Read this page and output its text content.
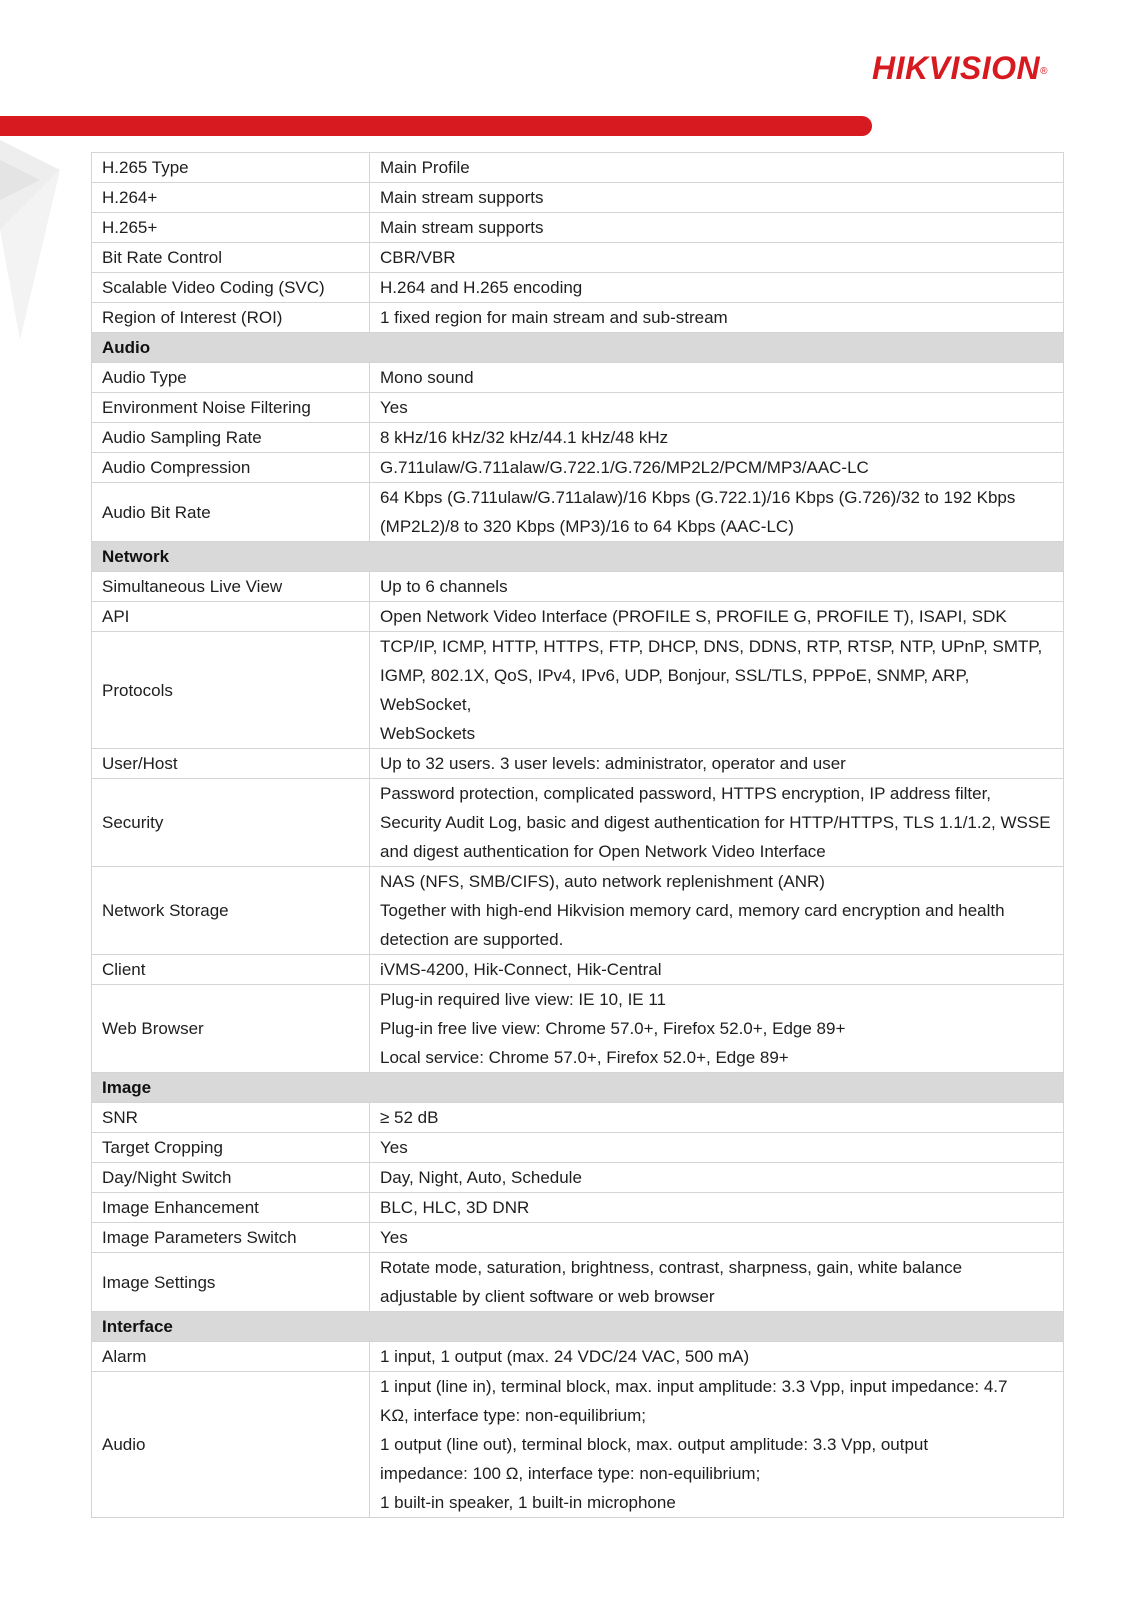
HIKVISION®
H.265 Type	Main Profile

H.264+	Main stream supports

H.265+	Main stream supports

Bit Rate Control	CBR/VBR

Scalable Video Coding (SVC)	H.264 and H.265 encoding

Region of Interest (ROI)	1 fixed region for main stream and sub-stream

Audio	
Audio Type	Mono sound

Environment Noise Filtering	Yes

Audio Sampling Rate	8 kHz/16 kHz/32 kHz/44.1 kHz/48 kHz

Audio Compression	G.711ulaw/G.711alaw/G.722.1/G.726/MP2L2/PCM/MP3/AAC-LC

Audio Bit Rate	64 Kbps (G.711ulaw/G.711alaw)/16 Kbps (G.722.1)/16 Kbps (G.726)/32 to 192 Kbps
(MP2L2)/8 to 320 Kbps (MP3)/16 to 64 Kbps (AAC-LC)

Network	
Simultaneous Live View	Up to 6 channels

API	Open Network Video Interface (PROFILE S, PROFILE G, PROFILE T), ISAPI, SDK

Protocols	TCP/IP, ICMP, HTTP, HTTPS, FTP, DHCP, DNS, DDNS, RTP, RTSP, NTP, UPnP, SMTP,
IGMP, 802.1X, QoS, IPv4, IPv6, UDP, Bonjour, SSL/TLS, PPPoE, SNMP, ARP, WebSocket,
WebSockets

User/Host	Up to 32 users. 3 user levels: administrator, operator and user

Security	Password protection, complicated password, HTTPS encryption, IP address filter,
Security Audit Log, basic and digest authentication for HTTP/HTTPS, TLS 1.1/1.2, WSSE
and digest authentication for Open Network Video Interface

Network Storage	NAS (NFS, SMB/CIFS), auto network replenishment (ANR)
Together with high-end Hikvision memory card, memory card encryption and health
detection are supported.

Client	iVMS-4200, Hik-Connect, Hik-Central

Web Browser	Plug-in required live view: IE 10, IE 11
Plug-in free live view: Chrome 57.0+, Firefox 52.0+, Edge 89+
Local service: Chrome 57.0+, Firefox 52.0+, Edge 89+

Image	
SNR	≥ 52 dB

Target Cropping	Yes

Day/Night Switch	Day, Night, Auto, Schedule

Image Enhancement	BLC, HLC, 3D DNR

Image Parameters Switch	Yes

Image Settings	Rotate mode, saturation, brightness, contrast, sharpness, gain, white balance
adjustable by client software or web browser

Interface	
Alarm	1 input, 1 output (max. 24 VDC/24 VAC, 500 mA)

Audio	1 input (line in), terminal block, max. input amplitude: 3.3 Vpp, input impedance: 4.7
KΩ, interface type: non-equilibrium;
1 output (line out), terminal block, max. output amplitude: 3.3 Vpp, output
impedance: 100 Ω, interface type: non-equilibrium;
1 built-in speaker, 1 built-in microphone
